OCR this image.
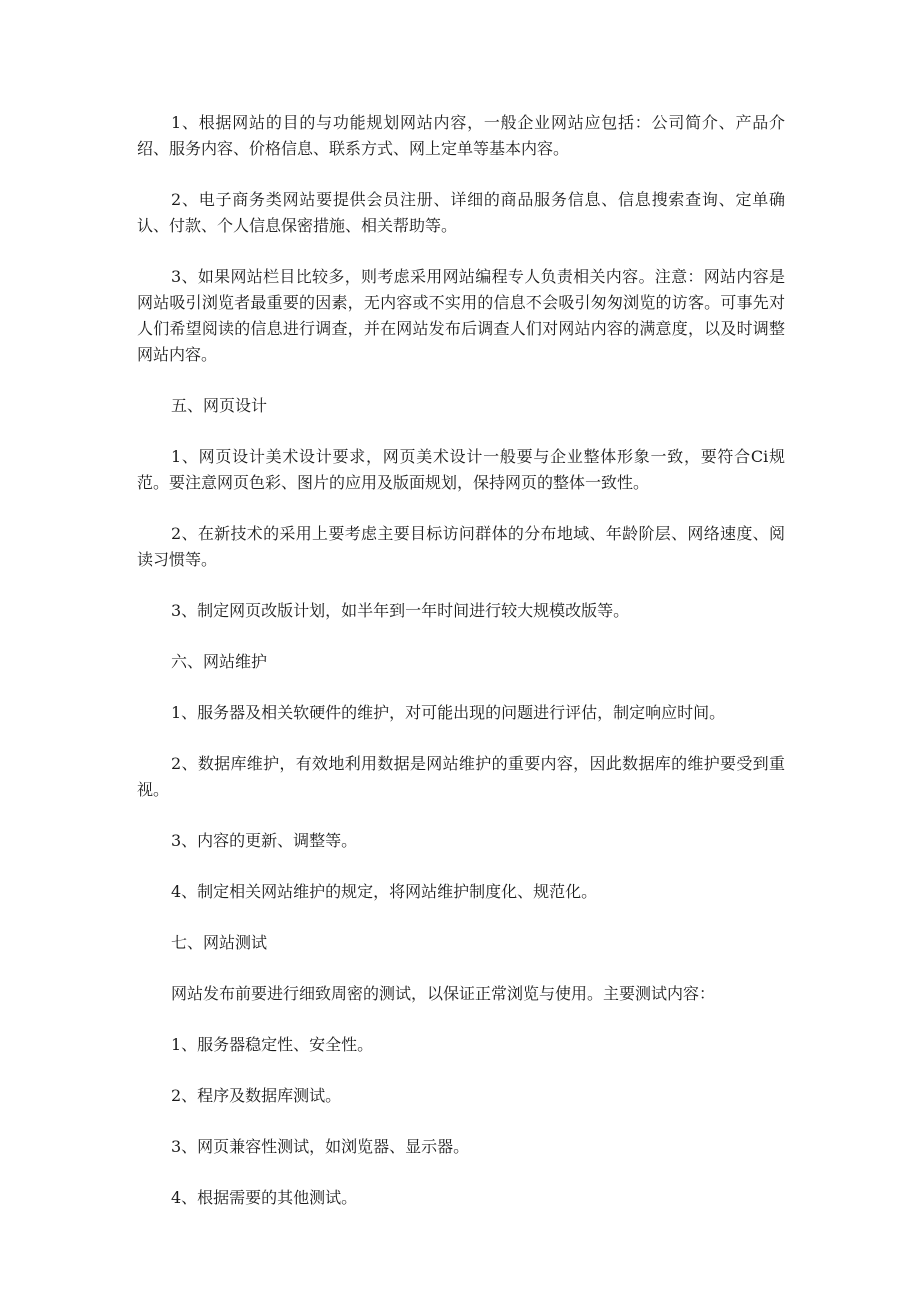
1、根据网站的目的与功能规划网站内容，一般企业网站应包括：公司简介、产品介绍、服务内容、价格信息、联系方式、网上定单等基本内容。

2、电子商务类网站要提供会员注册、详细的商品服务信息、信息搜索查询、定单确认、付款、个人信息保密措施、相关帮助等。

3、如果网站栏目比较多，则考虑采用网站编程专人负责相关内容。注意：网站内容是网站吸引浏览者最重要的因素，无内容或不实用的信息不会吸引匆匆浏览的访客。可事先对人们希望阅读的信息进行调查，并在网站发布后调查人们对网站内容的满意度，以及时调整网站内容。

五、网页设计

1、网页设计美术设计要求，网页美术设计一般要与企业整体形象一致，要符合Ci规范。要注意网页色彩、图片的应用及版面规划，保持网页的整体一致性。

2、在新技术的采用上要考虑主要目标访问群体的分布地域、年龄阶层、网络速度、阅读习惯等。

3、制定网页改版计划，如半年到一年时间进行较大规模改版等。

六、网站维护

1、服务器及相关软硬件的维护，对可能出现的问题进行评估，制定响应时间。

2、数据库维护，有效地利用数据是网站维护的重要内容，因此数据库的维护要受到重视。

3、内容的更新、调整等。

4、制定相关网站维护的规定，将网站维护制度化、规范化。

七、网站测试

网站发布前要进行细致周密的测试，以保证正常浏览与使用。主要测试内容：

1、服务器稳定性、安全性。

2、程序及数据库测试。

3、网页兼容性测试，如浏览器、显示器。

4、根据需要的其他测试。
